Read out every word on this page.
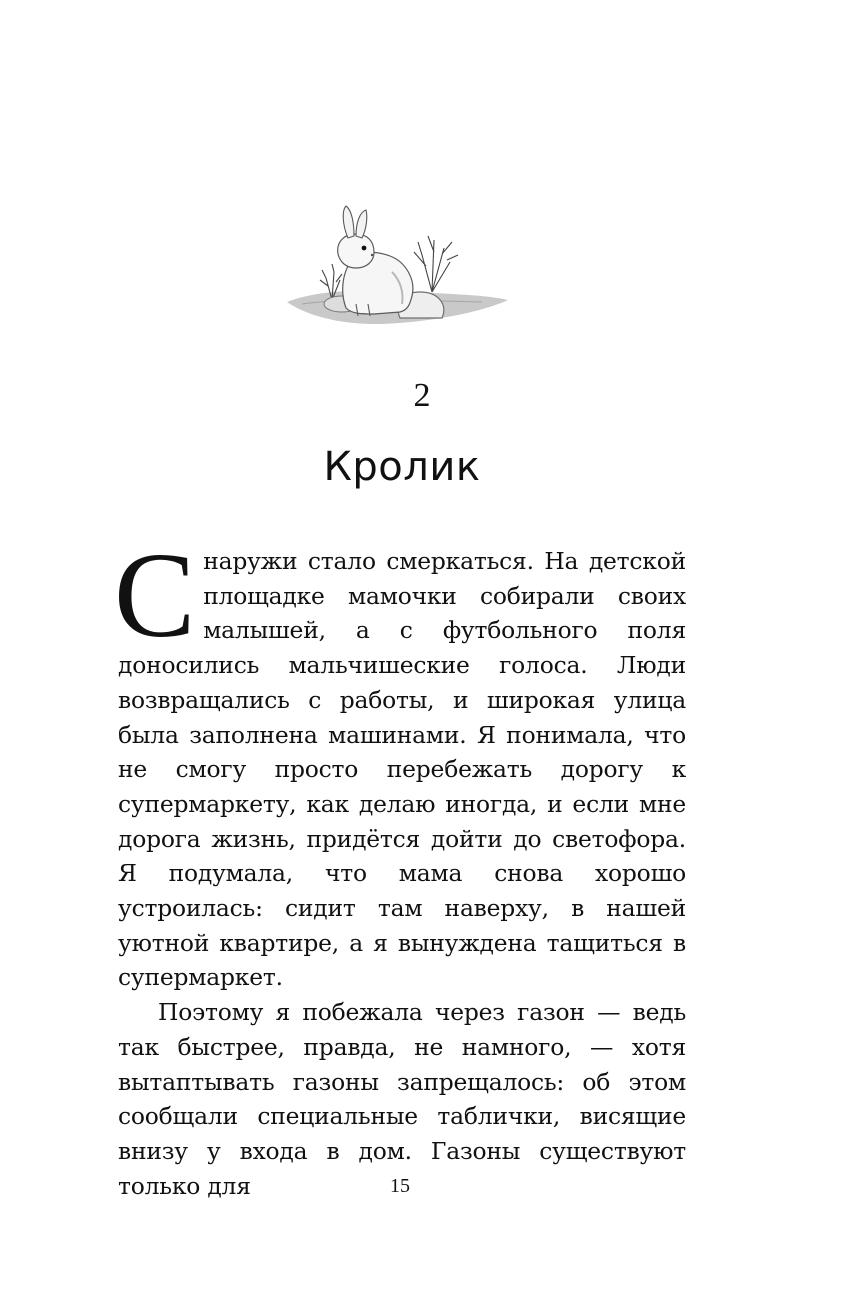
2
Кролик

Снаружи стало смеркаться. На детской площадке мамочки собирали своих малышей, а с футбольного поля доносились мальчишеские голоса. Люди возвращались с работы, и широкая улица была заполнена машинами. Я понимала, что не смогу просто перебежать дорогу к супермаркету, как делаю иногда, и если мне дорога жизнь, придётся дойти до светофора. Я подумала, что мама снова хорошо устроилась: сидит там наверху, в нашей уютной квартире, а я вынуждена тащиться в супермаркет.

Поэтому я побежала через газон — ведь так быстрее, правда, не намного, — хотя вытаптывать газоны запрещалось: об этом сообщали специальные таблички, висящие внизу у входа в дом. Газоны существуют только для	15
